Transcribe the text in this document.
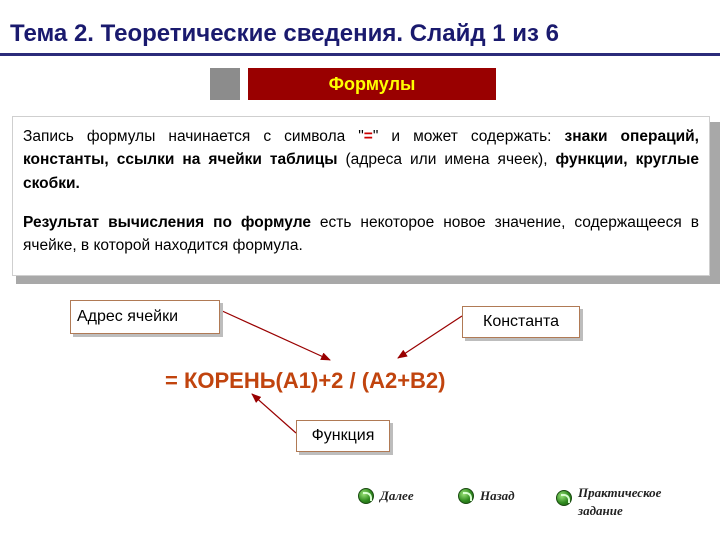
Тема 2. Теоретические сведения. Слайд 1 из 6
Формулы

Запись формулы начинается с символа "=" и может содержать: знаки операций, константы, ссылки на ячейки таблицы (адреса или имена ячеек), функции, круглые скобки.

Результат вычисления по формуле есть некоторое новое значение, содержащееся в ячейке, в которой находится формула.

Адрес ячейки	Константа
= КОРЕНЬ(A1)+2 / (A2+B2)
Функция
Далее	Назад	Практическое задание
